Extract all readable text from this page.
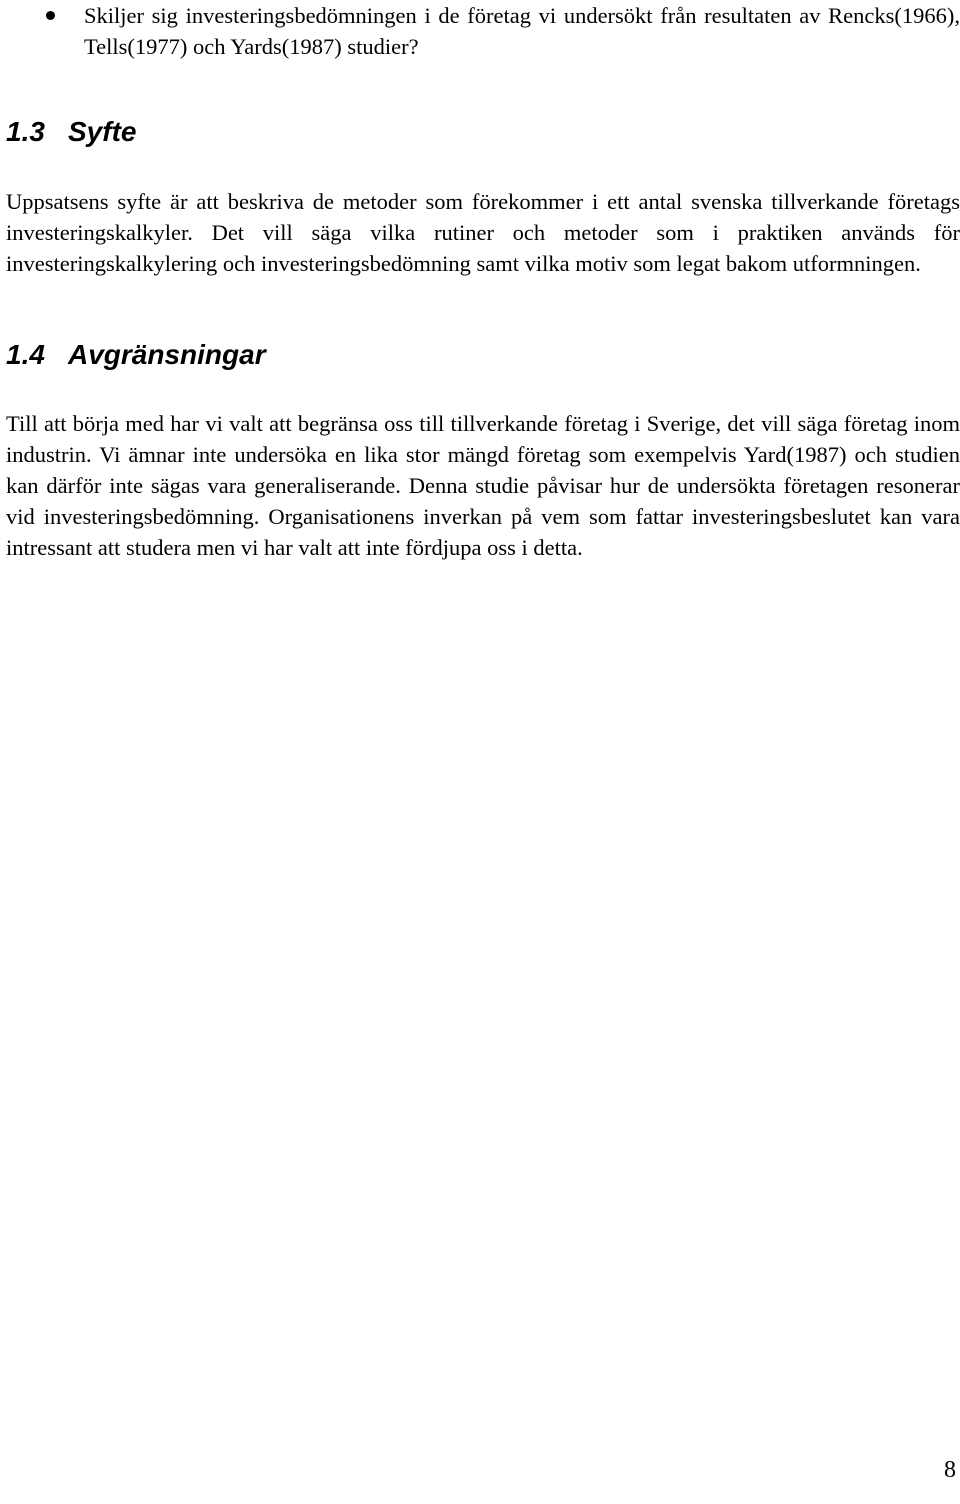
Skiljer sig investeringsbedömningen i de företag vi undersökt från resultaten av Rencks(1966), Tells(1977) och Yards(1987) studier?
1.3 Syfte
Uppsatsens syfte är att beskriva de metoder som förekommer i ett antal svenska tillverkande företags investeringskalkyler. Det vill säga vilka rutiner och metoder som i praktiken används för investeringskalkylering och investeringsbedömning samt vilka motiv som legat bakom utformningen.
1.4 Avgränsningar
Till att börja med har vi valt att begränsa oss till tillverkande företag i Sverige, det vill säga företag inom industrin. Vi ämnar inte undersöka en lika stor mängd företag som exempelvis Yard(1987) och studien kan därför inte sägas vara generaliserande. Denna studie påvisar hur de undersökta företagen resonerar vid investeringsbedömning. Organisationens inverkan på vem som fattar investeringsbeslutet kan vara intressant att studera men vi har valt att inte fördjupa oss i detta.
8
